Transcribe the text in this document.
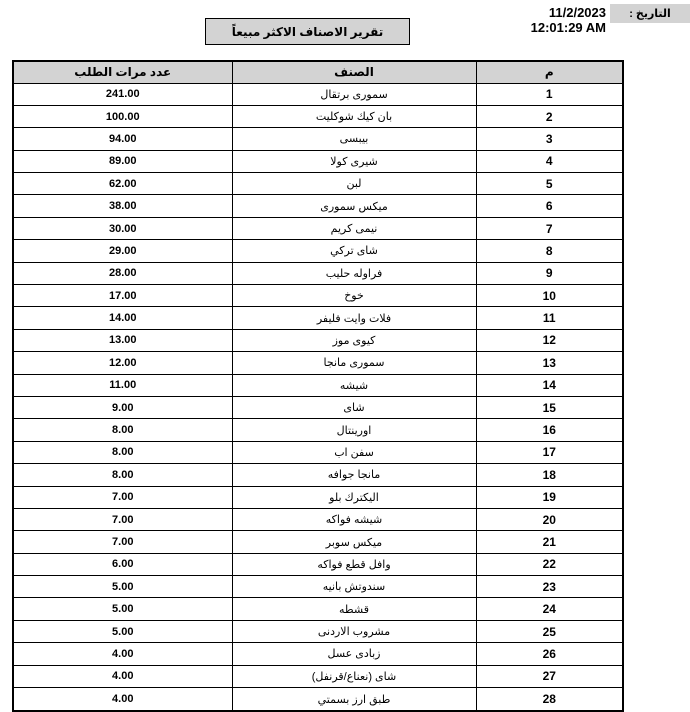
التاريخ :
11/2/2023
12:01:29 AM
تقرير الاصناف الاكثر مبيعاً
م	الصنف	عدد مرات الطلب
1	سمورى برتقال	241.00
2	بان كيك شوكليت	100.00
3	بيبسى	94.00
4	شيرى كولا	89.00
5	لبن	62.00
6	ميكس سمورى	38.00
7	نيمى كريم	30.00
8	شاى تركي	29.00
9	فراوله حليب	28.00
10	خوخ	17.00
11	فلات وايت فليفر	14.00
12	كيوى موز	13.00
13	سمورى مانجا	12.00
14	شيشه	11.00
15	شاى	9.00
16	اورينتال	8.00
17	سفن اب	8.00
18	مانجا جوافه	8.00
19	اليكترك بلو	7.00
20	شيشه فواكه	7.00
21	ميكس سوبر	7.00
22	وافل قطع فواكه	6.00
23	سندوتش بانيه	5.00
24	قشطه	5.00
25	مشروب الاردنى	5.00
26	زبادى عسل	4.00
27	شاى (نعناع/قرنفل)	4.00
28	طبق ارز بسمتي	4.00
